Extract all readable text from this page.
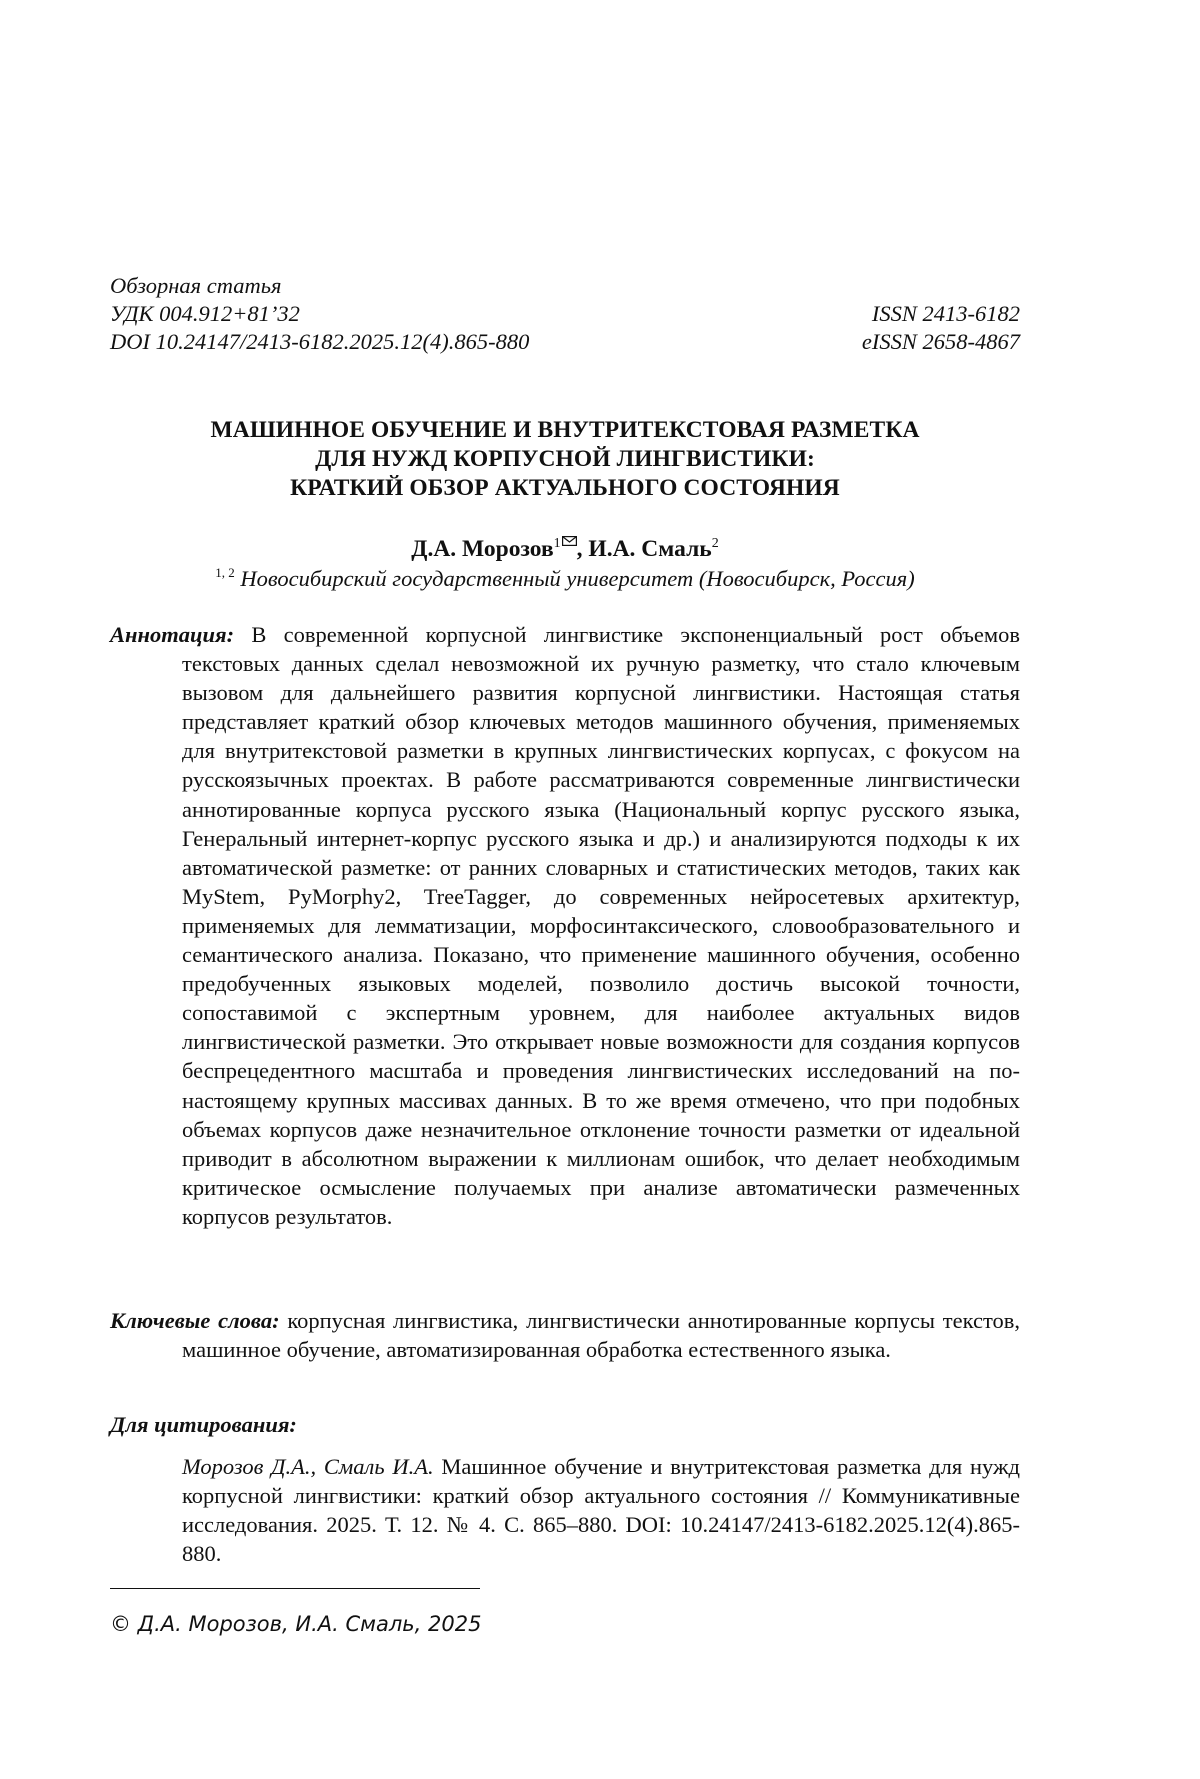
Обзорная статья
УДК 004.912+81’32	ISSN 2413-6182
DOI 10.24147/2413-6182.2025.12(4).865-880	eISSN 2658-4867
МАШИННОЕ ОБУЧЕНИЕ И ВНУТРИТЕКСТОВАЯ РАЗМЕТКА
ДЛЯ НУЖД КОРПУСНОЙ ЛИНГВИСТИКИ:
КРАТКИЙ ОБЗОР АКТУАЛЬНОГО СОСТОЯНИЯ
Д.А. Морозов$^1$ , И.А. Смаль$^2$
$^{1, 2}$ Новосибирский государственный университет (Новосибирск, Россия)
Аннотация: В современной корпусной лингвистике экспоненциальный рост объемов текстовых данных сделал невозможной их ручную разметку, что стало ключевым вызовом для дальнейшего развития корпусной лингвистики. Настоящая статья представляет краткий обзор ключевых методов машинного обучения, применяемых для внутритекстовой разметки в крупных лингвистических корпусах, с фокусом на русскоязычных проектах. В работе рассматриваются современные лингвистически аннотированные корпуса русского языка (Национальный корпус русского языка, Генеральный интернет-корпус русского языка и др.) и анализируются подходы к их автоматической разметке: от ранних словарных и статистических методов, таких как MyStem, PyMorphy2, TreeTagger, до современных нейросетевых архитектур, применяемых для лемматизации, морфосинтаксического, словообразовательного и семантического анализа. Показано, что применение машинного обучения, особенно предобученных языковых моделей, позволило достичь высокой точности, сопоставимой с экспертным уровнем, для наиболее актуальных видов лингвистической разметки. Это открывает новые возможности для создания корпусов беспрецедентного масштаба и проведения лингвистических исследований на по-настоящему крупных массивах данных. В то же время отмечено, что при подобных объемах корпусов даже незначительное отклонение точности разметки от идеальной приводит в абсолютном выражении к миллионам ошибок, что делает необходимым критическое осмысление получаемых при анализе автоматически размеченных корпусов результатов.
Ключевые слова: корпусная лингвистика, лингвистически аннотированные корпусы текстов, машинное обучение, автоматизированная обработка естественного языка.
Для цитирования:
Морозов Д.А., Смаль И.А. Машинное обучение и внутритекстовая разметка для нужд корпусной лингвистики: краткий обзор актуального состояния // Коммуникативные исследования. 2025. Т. 12. № 4. С. 865–880. DOI: 10.24147/2413-6182.2025.12(4).865-880.
© Д.А. Морозов, И.А. Смаль, 2025
